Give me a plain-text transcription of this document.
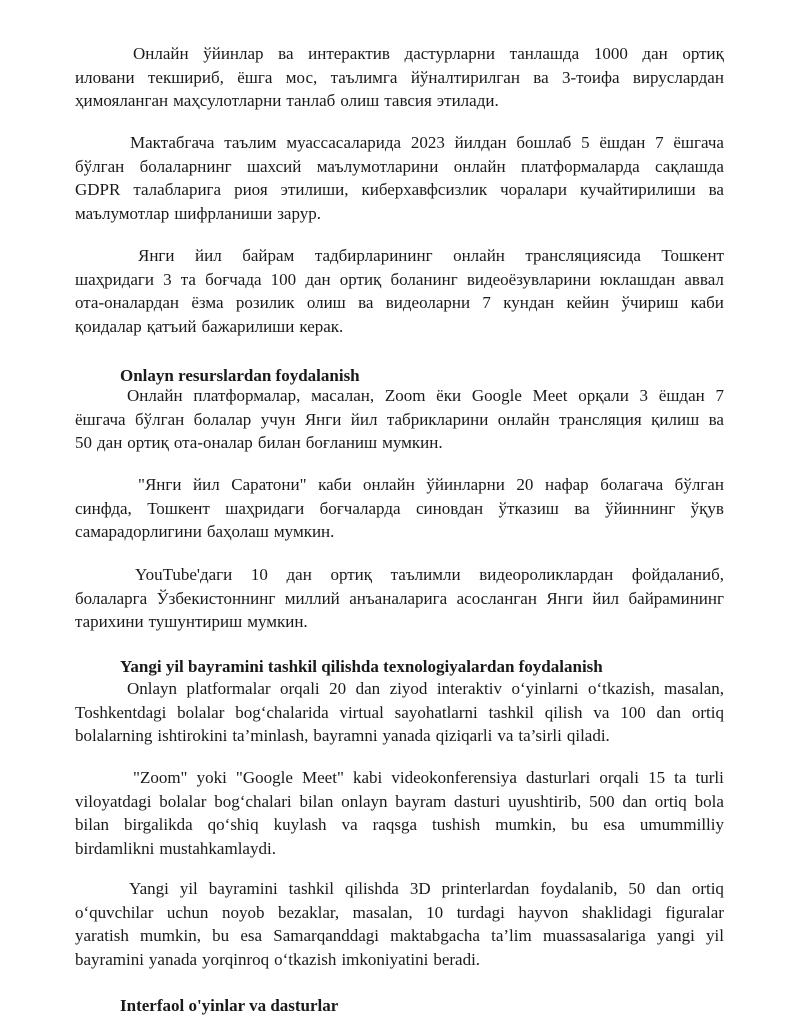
Онлайн ўйинлар ва интерактив дастурларни танлашда 1000 дан ортиқ
иловани текшириб, ёшга мос, таълимга йўналтирилган ва 3-тоифа вируслардан
ҳимояланган маҳсулотларни танлаб олиш тавсия этилади.
Мактабгача таълим муассасаларида 2023 йилдан бошлаб 5 ёшдан 7 ёшгача
бўлган болаларнинг шахсий маълумотларини онлайн платформаларда сақлашда
GDPR талабларига риоя этилиши, киберхавфсизлик чоралари кучайтирилиши ва
маълумотлар шифрланиши зарур.
Янги йил байрам тадбирларининг онлайн трансляциясида Тошкент
шаҳридаги 3 та боғчада 100 дан ортиқ боланинг видеоёзувларини юклашдан аввал
ота-оналардан ёзма розилик олиш ва видеоларни 7 кундан кейин ўчириш каби
қоидалар қатъий бажарилиши керак.
Onlayn resurslardan foydalanish
Онлайн платформалар, масалан, Zoom ёки Google Meet орқали 3 ёшдан 7
ёшгача бўлган болалар учун Янги йил табрикларини онлайн трансляция қилиш ва
50 дан ортиқ ота-оналар билан боғланиш мумкин.
"Янги йил Саратони" каби онлайн ўйинларни 20 нафар болагача бўлган
синфда, Тошкент шаҳридаги боғчаларда синовдан ўтказиш ва ўйиннинг ўқув
самарадорлигини баҳолаш мумкин.
YouTube'даги 10 дан ортиқ таълимли видеороликлардан фойдаланиб,
болаларга Ўзбекистоннинг миллий анъаналарига асосланган Янги йил байрамининг
тарихини тушунтириш мумкин.
Yangi yil bayramini tashkil qilishda texnologiyalardan foydalanish
Onlayn platformalar orqali 20 dan ziyod interaktiv o‘yinlarni o‘tkazish, masalan,
Toshkentdagi bolalar bog‘chalarida virtual sayohatlarni tashkil qilish va 100 dan ortiq
bolalarning ishtirokini ta’minlash, bayramni yanada qiziqarli va ta’sirli qiladi.
"Zoom" yoki "Google Meet" kabi videokonferensiya dasturlari orqali 15 ta turli
viloyatdagi bolalar bog‘chalari bilan onlayn bayram dasturi uyushtirib, 500 dan ortiq bola
bilan birgalikda qo‘shiq kuylash va raqsga tushish mumkin, bu esa umummilliy
birdamlikni mustahkamlaydi.
Yangi yil bayramini tashkil qilishda 3D printerlardan foydalanib, 50 dan ortiq
o‘quvchilar uchun noyob bezaklar, masalan, 10 turdagi hayvon shaklidagi figuralar
yaratish mumkin, bu esa Samarqanddagi maktabgacha ta’lim muassasalariga yangi yil
bayramini yanada yorqinroq o‘tkazish imkoniyatini beradi.
Interfaol o'yinlar va dasturlar
